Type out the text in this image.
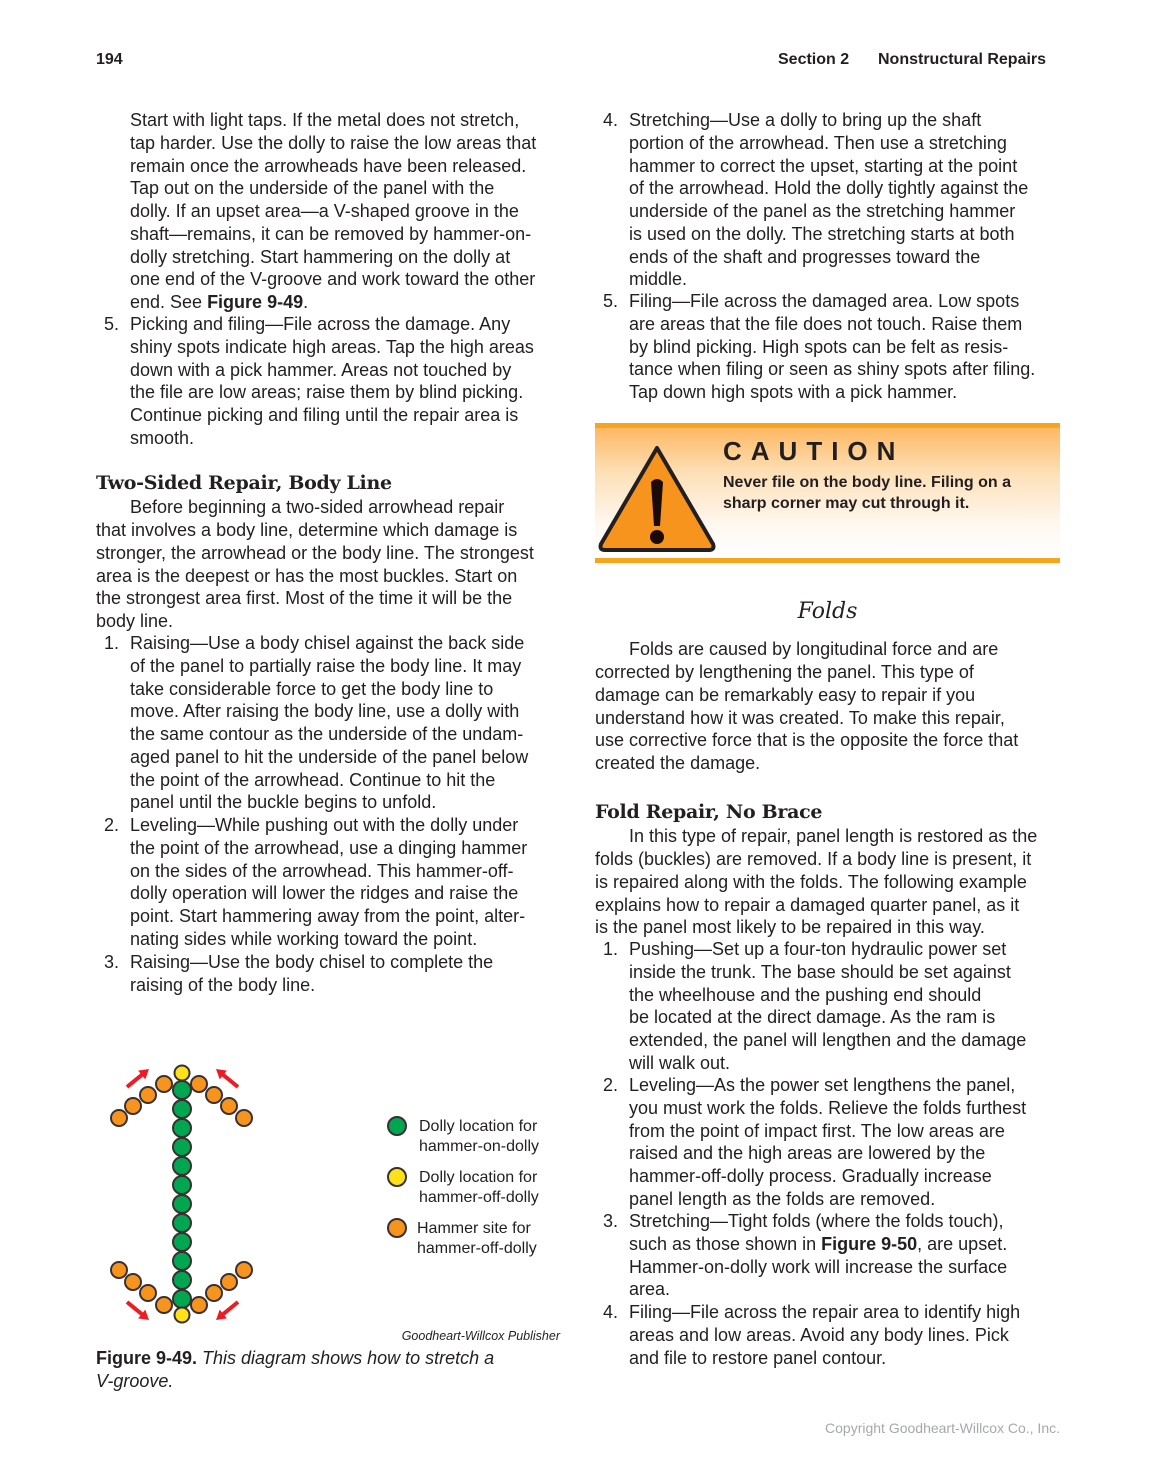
194	Section 2 Nonstructural Repairs
Start with light taps. If the metal does not stretch,
tap harder. Use the dolly to raise the low areas that
remain once the arrowheads have been released.
Tap out on the underside of the panel with the
dolly. If an upset area—a V-shaped groove in the
shaft—remains, it can be removed by hammer-on-
dolly stretching. Start hammering on the dolly at
one end of the V-groove and work toward the other
end. See Figure 9-49.
5. Picking and filing—File across the damage. Any
shiny spots indicate high areas. Tap the high areas
down with a pick hammer. Areas not touched by
the file are low areas; raise them by blind picking.
Continue picking and filing until the repair area is
smooth.
Two-Sided Repair, Body Line
Before beginning a two-sided arrowhead repair
that involves a body line, determine which damage is
stronger, the arrowhead or the body line. The strongest
area is the deepest or has the most buckles. Start on
the strongest area first. Most of the time it will be the
body line.
1. Raising—Use a body chisel against the back side
of the panel to partially raise the body line. It may
take considerable force to get the body line to
move. After raising the body line, use a dolly with
the same contour as the underside of the undam-
aged panel to hit the underside of the panel below
the point of the arrowhead. Continue to hit the
panel until the buckle begins to unfold.
2. Leveling—While pushing out with the dolly under
the point of the arrowhead, use a dinging hammer
on the sides of the arrowhead. This hammer-off-
dolly operation will lower the ridges and raise the
point. Start hammering away from the point, alter-
nating sides while working toward the point.
3. Raising—Use the body chisel to complete the
raising of the body line.
Dolly location for
hammer-on-dolly
Dolly location for
hammer-off-dolly
Hammer site for
hammer-off-dolly
Goodheart-Willcox Publisher
Figure 9-49. This diagram shows how to stretch a
V-groove.
4. Stretching—Use a dolly to bring up the shaft
portion of the arrowhead. Then use a stretching
hammer to correct the upset, starting at the point
of the arrowhead. Hold the dolly tightly against the
underside of the panel as the stretching hammer
is used on the dolly. The stretching starts at both
ends of the shaft and progresses toward the
middle.
5. Filing—File across the damaged area. Low spots
are areas that the file does not touch. Raise them
by blind picking. High spots can be felt as resis-
tance when filing or seen as shiny spots after filing.
Tap down high spots with a pick hammer.
CAUTION
Never file on the body line. Filing on a
sharp corner may cut through it.
Folds
Folds are caused by longitudinal force and are
corrected by lengthening the panel. This type of
damage can be remarkably easy to repair if you
understand how it was created. To make this repair,
use corrective force that is the opposite the force that
created the damage.
Fold Repair, No Brace
In this type of repair, panel length is restored as the
folds (buckles) are removed. If a body line is present, it
is repaired along with the folds. The following example
explains how to repair a damaged quarter panel, as it
is the panel most likely to be repaired in this way.
1. Pushing—Set up a four-ton hydraulic power set
inside the trunk. The base should be set against
the wheelhouse and the pushing end should
be located at the direct damage. As the ram is
extended, the panel will lengthen and the damage
will walk out.
2. Leveling—As the power set lengthens the panel,
you must work the folds. Relieve the folds furthest
from the point of impact first. The low areas are
raised and the high areas are lowered by the
hammer-off-dolly process. Gradually increase
panel length as the folds are removed.
3. Stretching—Tight folds (where the folds touch),
such as those shown in Figure 9-50, are upset.
Hammer-on-dolly work will increase the surface
area.
4. Filing—File across the repair area to identify high
areas and low areas. Avoid any body lines. Pick
and file to restore panel contour.
Copyright Goodheart-Willcox Co., Inc.
